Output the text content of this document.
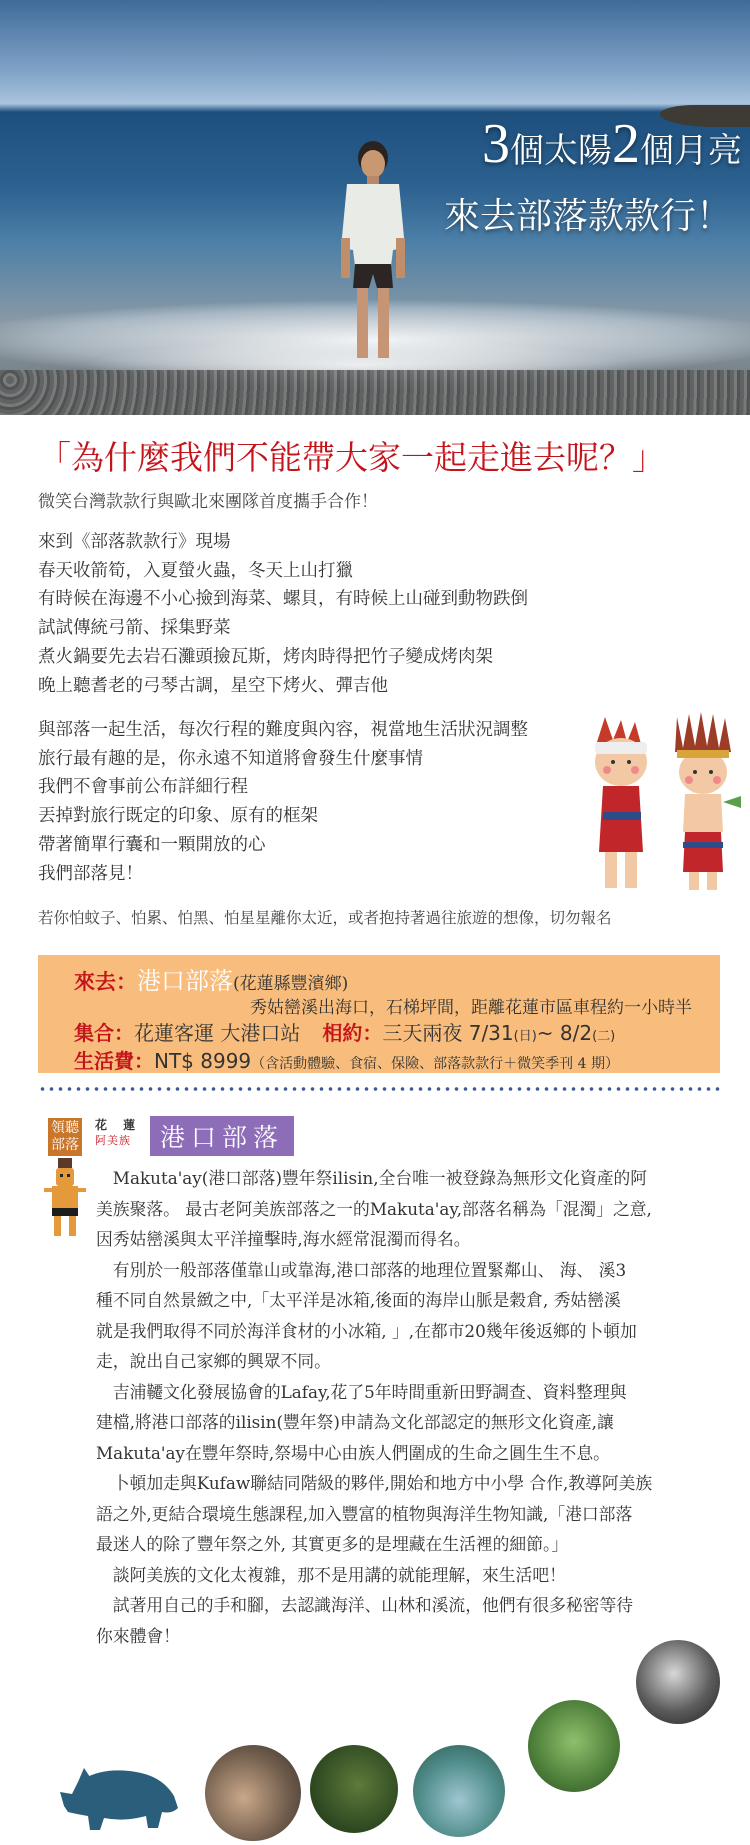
3個太陽2個月亮
來去部落款款行！
「為什麼我們不能帶大家一起走進去呢？」
微笑台灣款款行與歐北來團隊首度攜手合作！
來到《部落款款行》現場
春天收箭筍，入夏螢火蟲，冬天上山打獵
有時候在海邊不小心撿到海菜、螺貝，有時候上山碰到動物跌倒
試試傳統弓箭、採集野菜
煮火鍋要先去岩石灘頭撿瓦斯，烤肉時得把竹子變成烤肉架
晚上聽耆老的弓琴古調，星空下烤火、彈吉他
與部落一起生活，每次行程的難度與內容，視當地生活狀況調整
旅行最有趣的是，你永遠不知道將會發生什麼事情
我們不會事前公布詳細行程
丟掉對旅行既定的印象、原有的框架
帶著簡單行囊和一顆開放的心
我們部落見！
若你怕蚊子、怕累、怕黑、怕星星離你太近，或者抱持著過往旅遊的想像，切勿報名
來去：港口部落(花蓮縣豐濱鄉)
秀姑巒溪出海口，石梯坪間，距離花蓮市區車程約一小時半
集合：花蓮客運 大港口站 相約：三天兩夜 7/31(日)~ 8/2(二)
生活費：NT$ 8999（含活動體驗、食宿、保險、部落款款行＋微笑季刊 4 期）
領聽部落
花 蓮
阿美族	港口部落
　Makuta'ay(港口部落)豐年祭ilisin,全台唯一被登錄為無形文化資產的阿
美族聚落。 最古老阿美族部落之一的Makuta'ay,部落名稱為「混濁」之意,
因秀姑巒溪與太平洋撞擊時,海水經常混濁而得名。
　有別於一般部落僅靠山或靠海,港口部落的地理位置緊鄰山、 海、 溪3
種不同自然景緻之中,「太平洋是冰箱,後面的海岸山脈是穀倉, 秀姑巒溪
就是我們取得不同於海洋食材的小冰箱, 」,在都市20幾年後返鄉的卜頓加
走，說出自己家鄉的興眾不同。
　吉浦韆文化發展協會的Lafay,花了5年時間重新田野調查、資料整理與
建檔,將港口部落的ilisin(豐年祭)申請為文化部認定的無形文化資產,讓
Makuta'ay在豐年祭時,祭場中心由族人們圍成的生命之圓生生不息。
　卜頓加走與Kufaw聯結同階級的夥伴,開始和地方中小學 合作,教導阿美族
語之外,更結合環境生態課程,加入豐富的植物與海洋生物知識,「港口部落
最迷人的除了豐年祭之外, 其實更多的是埋藏在生活裡的細節。」
　談阿美族的文化太複雜，那不是用講的就能理解，來生活吧！
　試著用自己的手和腳，去認識海洋、山林和溪流，他們有很多秘密等待
你來體會！
